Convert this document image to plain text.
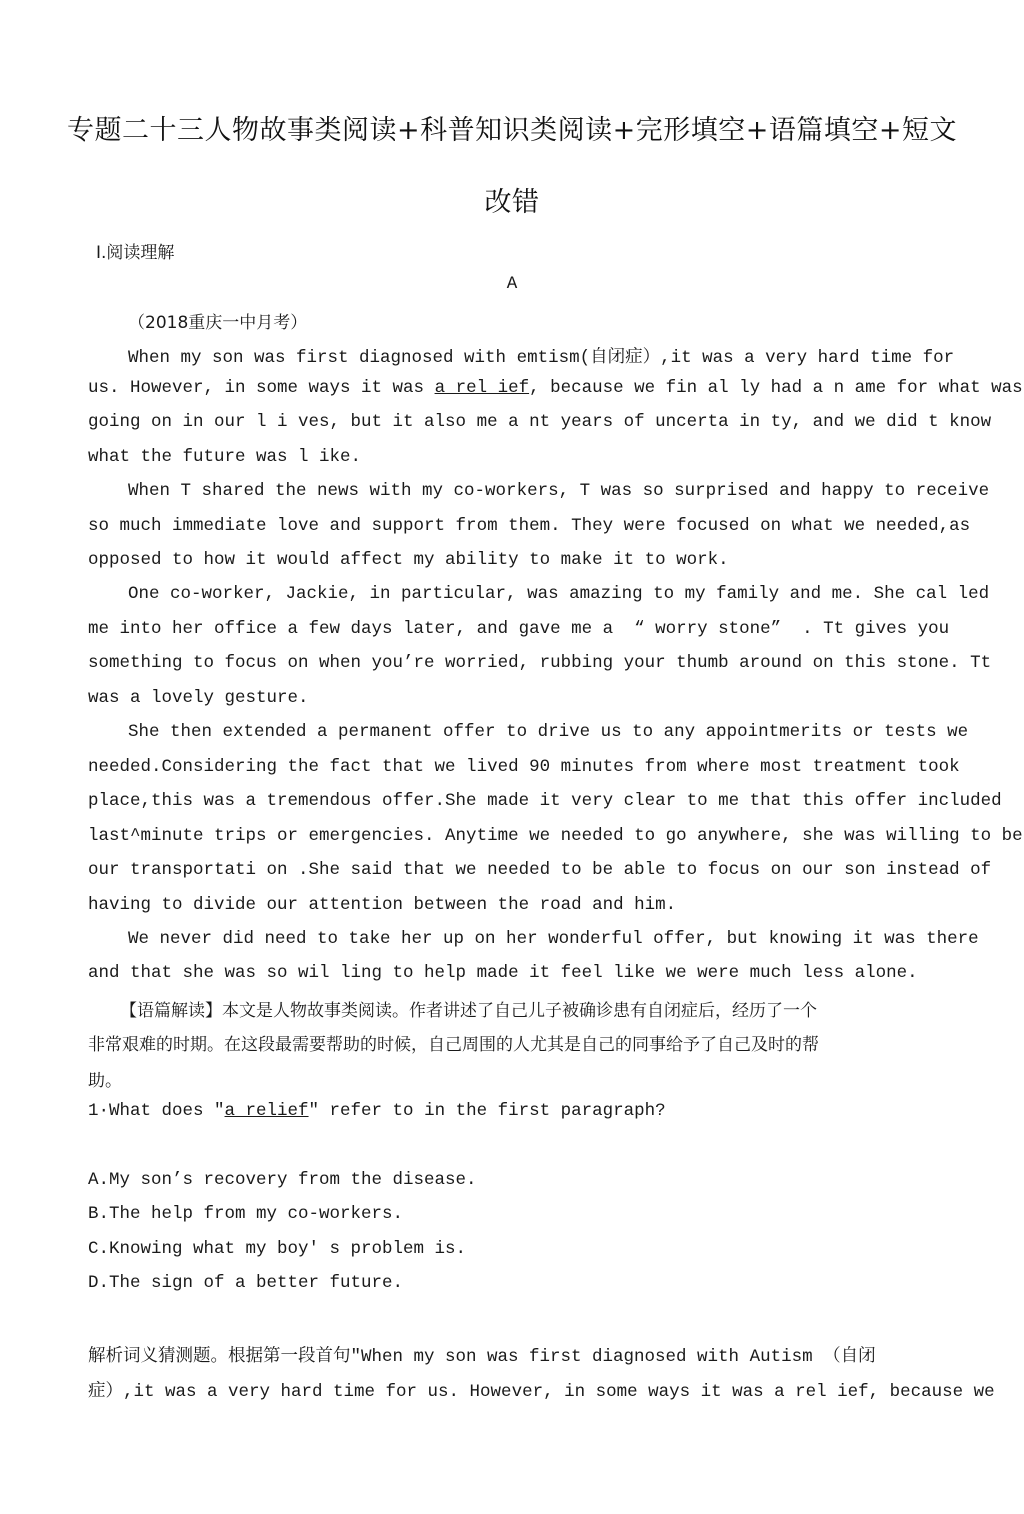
专题二十三人物故事类阅读+科普知识类阅读+完形填空+语篇填空+短文
改错
Ⅰ.阅读理解
A
（2018重庆一中月考）
When my son was first diagnosed with emtism(自闭症）,it was a very hard time for
us. However, in some ways it was a rel ief, because we fin al ly had a n ame for what was
going on in our l i ves, but it also me a nt years of uncerta in ty, and we did t know
what the future was l ike.
When T shared the news with my co-workers, T was so surprised and happy to receive
so much immediate love and support from them. They were focused on what we needed,as
opposed to how it would affect my ability to make it to work.
One co-worker, Jackie, in particular, was amazing to my family and me. She cal led
me into her office a few days later, and gave me a  “ worry stone”  . Tt gives you
something to focus on when you’re worried, rubbing your thumb around on this stone. Tt
was a lovely gesture.
She then extended a permanent offer to drive us to any appointmerits or tests we
needed.Considering the fact that we lived 90 minutes from where most treatment took
place,this was a tremendous offer.She made it very clear to me that this offer included
last^minute trips or emergencies. Anytime we needed to go anywhere, she was willing to be
our transportati on .She said that we needed to be able to focus on our son instead of
having to divide our attention between the road and him.
We never did need to take her up on her wonderful offer, but knowing it was there
and that she was so wil ling to help made it feel like we were much less alone.
【语篇解读】本文是人物故事类阅读。作者讲述了自己儿子被确诊患有自闭症后，经历了一个
非常艰难的时期。在这段最需要帮助的时候，自己周围的人尤其是自己的同事给予了自己及时的帮
助。
1·What does "a relief" refer to in the first paragraph?
A.My son’s recovery from the disease.
B.The help from my co-workers.
C.Knowing what my boy' s problem is.
D.The sign of a better future.
解析词义猜测题。根据第一段首句"When my son was first diagnosed with Autism （自闭
症）,it was a very hard time for us. However, in some ways it was a rel ief, because we
